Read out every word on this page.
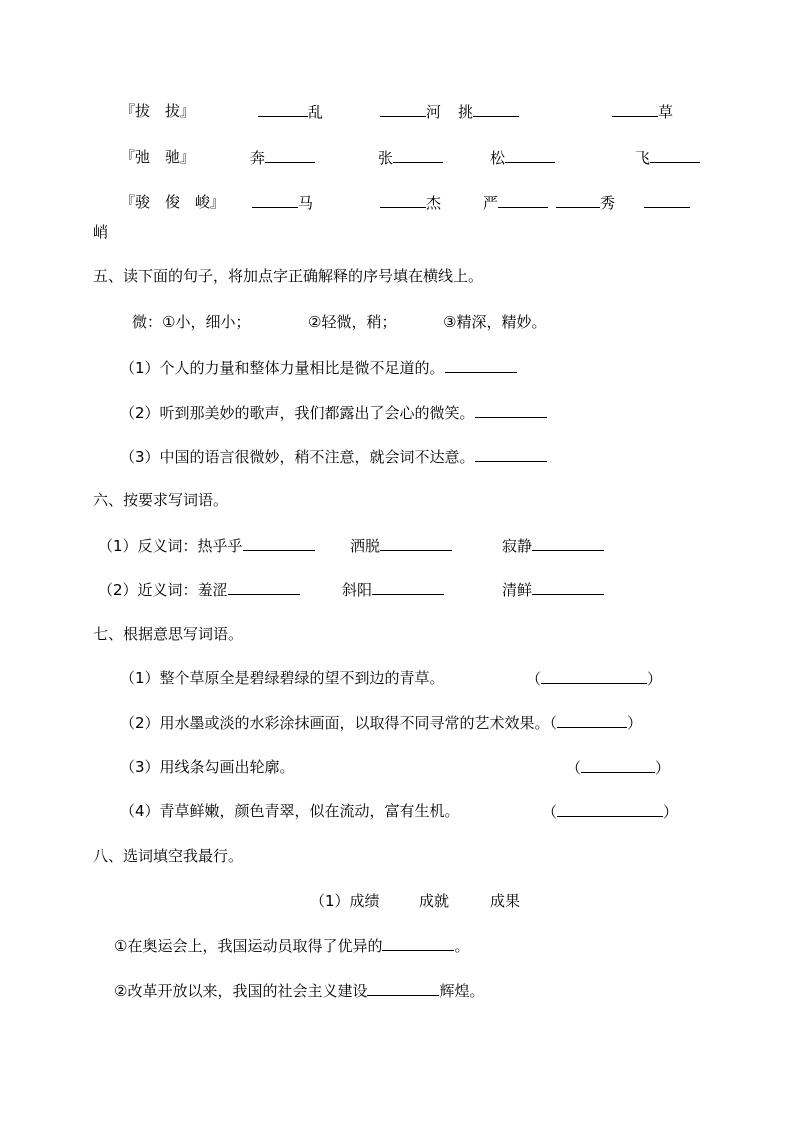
『拔　拔』	乱	河 挑	草
『弛　驰』	奔	张	松	飞
『骏　俊　峻』	马	杰	严	秀
峭
五、读下面的句子，将加点字正确解释的序号填在横线上。
微：①小，细小；	②轻微，稍；	③精深，精妙。
（1）个人的力量和整体力量相比是微不足道的。
（2）听到那美妙的歌声，我们都露出了会心的微笑。
（3）中国的语言很微妙，稍不注意，就会词不达意。
六、按要求写词语。
（1）反义词：热乎乎	洒脱	寂静
（2）近义词：羞涩	斜阳	清鲜
七、根据意思写词语。
（1）整个草原全是碧绿碧绿的望不到边的青草。	（	）
（2）用水墨或淡的水彩涂抹画面，以取得不同寻常的艺术效果。（	）
（3）用线条勾画出轮廓。	（	）
（4）青草鲜嫩，颜色青翠，似在流动，富有生机。	（	）
八、选词填空我最行。
（1）成绩	成就	成果
①在奥运会上，我国运动员取得了优异的	。
②改革开放以来，我国的社会主义建设	辉煌。
